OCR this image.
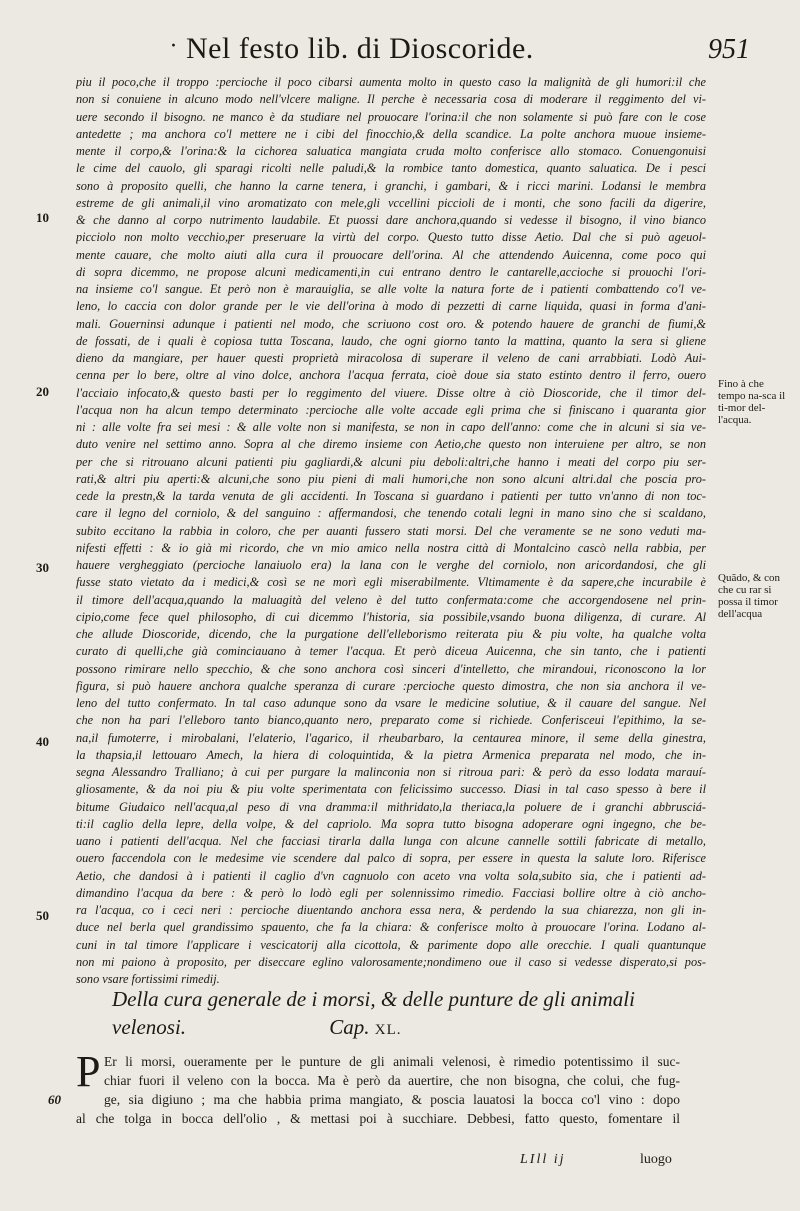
· Nel festo lib. di Dioscoride.	951
piu il poco,che il troppo :percioche il poco cibarsi aumenta molto in questo caso la malignità de gli humori:il che
non si conuiene in alcuno modo nell'vlcere maligne. Il perche è necessaria cosa di moderare il reggimento del vi-
uere secondo il bisogno. ne manco è da studiare nel prouocare l'orina:il che non solamente si può fare con le cose
antedette ; ma anchora co'l mettere ne i cibi del finocchio,& della scandice. La polte anchora muoue insieme-
mente il corpo,& l'orina:& la cichorea saluatica mangiata cruda molto conferisce allo stomaco. Conuengonuisi
le cime del cauolo, gli sparagi ricolti nelle paludi,& la rombice tanto domestica, quanto saluatica. De i pesci
sono à proposito quelli, che hanno la carne tenera, i granchi, i gambari, & i ricci marini. Lodansi le membra
estreme de gli animali,il vino aromatizato con mele,gli vccellini piccioli de i monti, che sono facili da digerire,
& che danno al corpo nutrimento laudabile. Et puossi dare anchora,quando si vedesse il bisogno, il vino bianco
picciolo non molto vecchio,per preseruare la virtù del corpo. Questo tutto disse Aetio. Dal che si può ageuol-
mente cauare, che molto aiuti alla cura il prouocare dell'orina. Al che attendendo Auicenna, come poco qui
di sopra dicemmo, ne propose alcuni medicamenti,in cui entrano dentro le cantarelle,accioche si prouochi l'ori-
na insieme co'l sangue. Et però non è marauiglia, se alle volte la natura forte de i patienti combattendo co'l ve-
leno, lo caccia con dolor grande per le vie dell'orina à modo di pezzetti di carne liquida, quasi in forma d'ani-
mali. Gouerninsi adunque i patienti nel modo, che scriuono cost oro. & potendo hauere de granchi de fiumi,&
de fossati, de i quali è copiosa tutta Toscana, laudo, che ogni giorno tanto la mattina, quanto la sera si gliene
dieno da mangiare, per hauer questi proprietà miracolosa di superare il veleno de cani arrabbiati. Lodò Aui-
cenna per lo bere, oltre al vino dolce, anchora l'acqua ferrata, cioè doue sia stato estinto dentro il ferro, ouero
l'acciaio infocato,& questo basti per lo reggimento del viuere. Disse oltre à ciò Dioscoride, che il timor del-
l'acqua non ha alcun tempo determinato :percioche alle volte accade egli prima che si finiscano i quaranta gior
ni : alle volte fra sei mesi : & alle volte non si manifesta, se non in capo dell'anno: come che in alcuni si sia ve-
duto venire nel settimo anno. Sopra al che diremo insieme con Aetio,che questo non interuiene per altro, se non
per che si ritrouano alcuni patienti piu gagliardi,& alcuni piu deboli:altri,che hanno i meati del corpo piu ser-
rati,& altri piu aperti:& alcuni,che sono piu pieni di mali humori,che non sono alcuni altri.dal che poscia pro-
cede la prestn,& la tarda venuta de gli accidenti. In Toscana si guardano i patienti per tutto vn'anno di non toc-
care il legno del corniolo, & del sanguino : affermandosi, che tenendo cotali legni in mano sino che si scaldano,
subito eccitano la rabbia in coloro, che per auanti fussero stati morsi. Del che veramente se ne sono veduti ma-
nifesti effetti : & io già mi ricordo, che vn mio amico nella nostra città di Montalcino cascò nella rabbia, per
hauere vergheggiato (percioche lanaiuolo era) la lana con le verghe del corniolo, non aricordandosi, che gli
fusse stato vietato da i medici,& così se ne morì egli miserabilmente. Vltimamente è da sapere,che incurabile è
il timore dell'acqua,quando la maluagità del veleno è del tutto confermata:come che accorgendosene nel prin-
cipio,come fece quel philosopho, di cui dicemmo l'historia, sia possibile,vsando buona diligenza, di curare. Al
che allude Dioscoride, dicendo, che la purgatione dell'elleborismo reiterata piu & piu volte, ha qualche volta
curato di quelli,che già cominciauano à temer l'acqua. Et però diceua Auicenna, che sin tanto, che i patienti
possono rimirare nello specchio, & che sono anchora così sinceri d'intelletto, che mirandoui, riconoscono la lor
figura, si può hauere anchora qualche speranza di curare :percioche questo dimostra, che non sia anchora il ve-
leno del tutto confermato. In tal caso adunque sono da vsare le medicine solutiue, & il cauare del sangue. Nel
che non ha pari l'elleboro tanto bianco,quanto nero, preparato come si richiede. Conferisceui l'epithimo, la se-
na,il fumoterre, i mirobalani, l'elaterio, l'agarico, il rheubarbaro, la centaurea minore, il seme della ginestra,
la thapsia,il lettouaro Amech, la hiera di coloquintida, & la pietra Armenica preparata nel modo, che in-
segna Alessandro Tralliano; à cui per purgare la malinconia non si ritroua pari: & però da esso lodata marauí-
gliosamente, & da noi piu & piu volte sperimentata con felicissimo successo. Diasi in tal caso spesso à bere il
bitume Giudaico nell'acqua,al peso di vna dramma:il mithridato,la theriaca,la poluere de i granchi abbrusciá-
ti:il caglio della lepre, della volpe, & del capriolo. Ma sopra tutto bisogna adoperare ogni ingegno, che be-
uano i patienti dell'acqua. Nel che facciasi tirarla dalla lunga con alcune cannelle sottili fabricate di metallo,
ouero faccendola con le medesime vie scendere dal palco di sopra, per essere in questa la salute loro. Riferisce
Aetio, che dandosi à i patienti il caglio d'vn cagnuolo con aceto vna volta sola,subito sia, che i patienti ad-
dimandino l'acqua da bere : & però lo lodò egli per solennissimo rimedio. Facciasi bollire oltre à ciò ancho-
ra l'acqua, co i ceci neri : percioche diuentando anchora essa nera, & perdendo la sua chiarezza, non gli in-
duce nel berla quel grandissimo spauento, che fa la chiara: & conferisce molto à prouocare l'orina. Lodano al-
cuni in tal timore l'applicare i vescicatorij alla cicottola, & parimente dopo alle orecchie. I quali quantunque
non mi paiono à proposito, per diseccare eglino valorosamente;nondimeno oue il caso si vedesse disperato,si pos-
sono vsare fortissimi rimedij.
10
20
30
40
50
Fino à che tempo na-sca il ti-mor del-l'acqua.
Quãdo, & con che cu rar si possa il timor dell'acqua
Della cura generale de i morsi, & delle punture de gli animali
velenosi.	Cap. XL.
P
60
Er li morsi, oueramente per le punture de gli animali velenosi, è rimedio potentissimo il suc-
chiar fuori il veleno con la bocca. Ma è però da auertire, che non bisogna, che colui, che fug-
ge, sia digiuno ; ma che habbia prima mangiato, & poscia lauatosi la bocca co'l vino : dopo
al che tolga in bocca dell'olio , & mettasi poi à succhiare. Debbesi, fatto questo, fomentare il
LIll ij	luogo
